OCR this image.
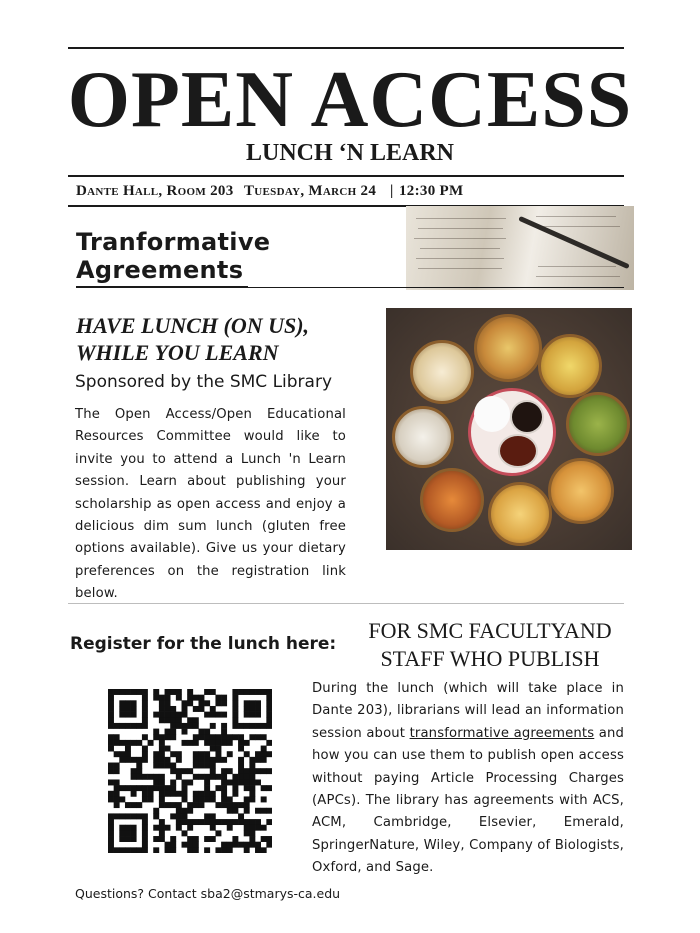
OPEN ACCESS
LUNCH ‘N LEARN
Dante Hall, Room 203 Tuesday, March 24 | 12:30 PM
Tranformative
Agreements
HAVE LUNCH (ON US),
WHILE YOU LEARN
Sponsored by the SMC Library
The Open Access/Open Educational Resources Committee would like to invite you to attend a Lunch 'n Learn session. Learn about publishing your scholarship as open access and enjoy a delicious dim sum lunch (gluten free options available). Give us your dietary preferences on the registration link below.
Register for the lunch here:
FOR SMC FACULTYAND
STAFF WHO PUBLISH
During the lunch (which will take place in Dante 203), librarians will lead an information session about transformative agreements and how you can use them to publish open access without paying Article Processing Charges (APCs). The library has agreements with ACS, ACM, Cambridge, Elsevier, Emerald, SpringerNature, Wiley, Company of Biologists, Oxford, and Sage.
Questions? Contact sba2@stmarys-ca.edu
